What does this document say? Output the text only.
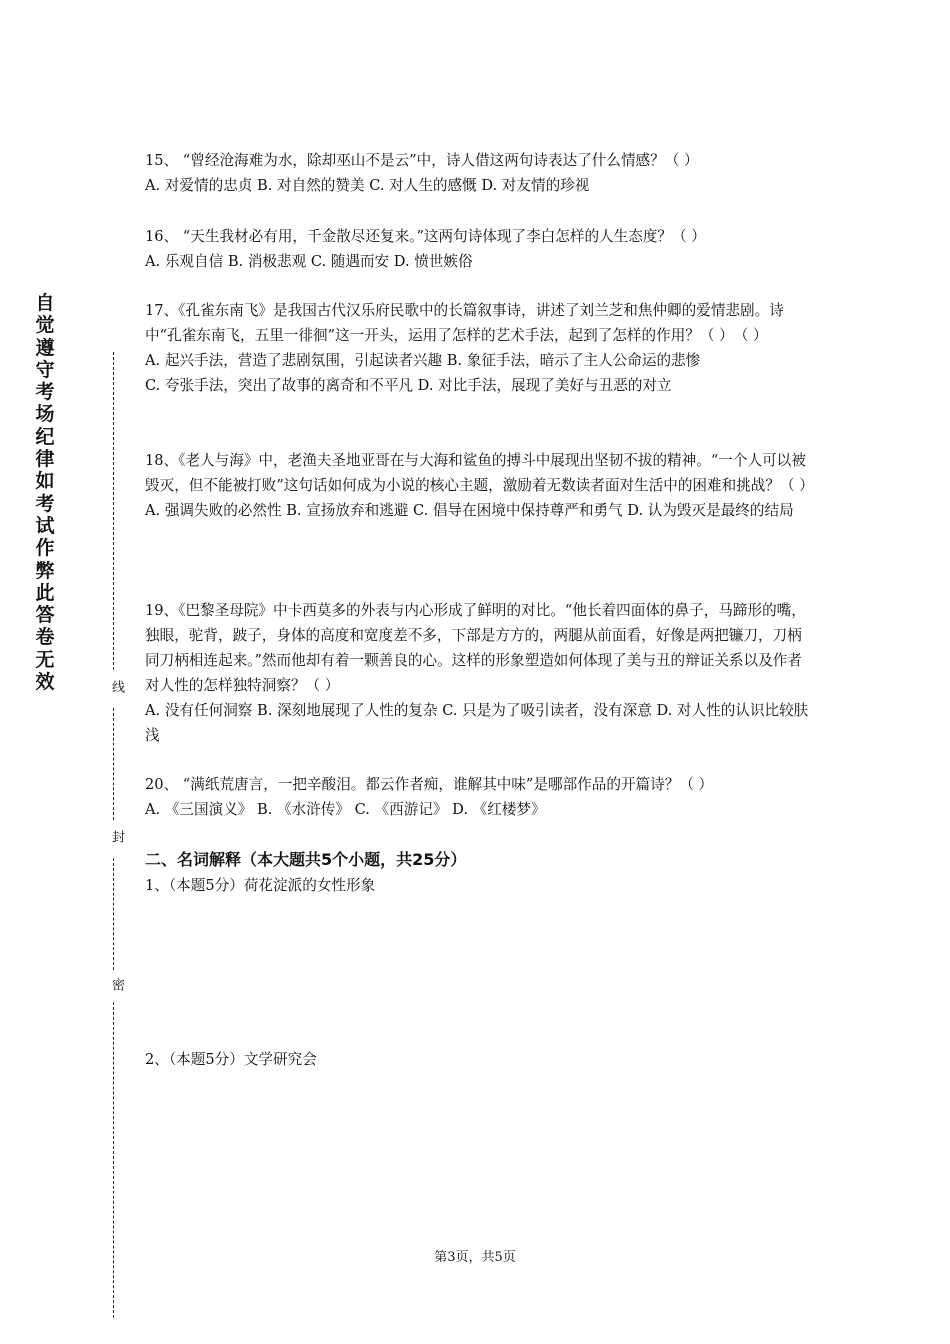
自觉遵守考场纪律如考试作弊此答卷无效	线
封
密

15、 “曾经沧海难为水，除却巫山不是云”中，诗人借这两句诗表达了什么情感？（ ）

A. 对爱情的忠贞 B. 对自然的赞美 C. 对人生的感慨 D. 对友情的珍视

16、 “天生我材必有用，千金散尽还复来。”这两句诗体现了李白怎样的人生态度？（ ）

A. 乐观自信 B. 消极悲观 C. 随遇而安 D. 愤世嫉俗

17、《孔雀东南飞》是我国古代汉乐府民歌中的长篇叙事诗，讲述了刘兰芝和焦仲卿的爱情悲剧。诗中“孔雀东南飞，五里一徘徊”这一开头，运用了怎样的艺术手法，起到了怎样的作用？（ ）　（ ）

A. 起兴手法，营造了悲剧氛围，引起读者兴趣 B. 象征手法，暗示了主人公命运的悲惨

C. 夸张手法，突出了故事的离奇和不平凡 D. 对比手法，展现了美好与丑恶的对立

18、《老人与海》中，老渔夫圣地亚哥在与大海和鲨鱼的搏斗中展现出坚韧不拔的精神。“一个人可以被毁灭，但不能被打败”这句话如何成为小说的核心主题，激励着无数读者面对生活中的困难和挑战？（ ）

A. 强调失败的必然性 B. 宣扬放弃和逃避 C. 倡导在困境中保持尊严和勇气 D. 认为毁灭是最终的结局

19、《巴黎圣母院》中卡西莫多的外表与内心形成了鲜明的对比。“他长着四面体的鼻子，马蹄形的嘴，独眼，驼背，跛子，身体的高度和宽度差不多，下部是方方的，两腿从前面看，好像是两把镰刀，刀柄同刀柄相连起来。”然而他却有着一颗善良的心。这样的形象塑造如何体现了美与丑的辩证关系以及作者对人性的怎样独特洞察？（ ）

A. 没有任何洞察 B. 深刻地展现了人性的复杂 C. 只是为了吸引读者，没有深意 D. 对人性的认识比较肤浅

20、 “满纸荒唐言，一把辛酸泪。都云作者痴，谁解其中味”是哪部作品的开篇诗？（ ）

A. 《三国演义》 B. 《水浒传》 C. 《西游记》 D. 《红楼梦》

二、名词解释（本大题共5个小题，共25分）
1、（本题5分）荷花淀派的女性形象
2、（本题5分）文学研究会
第3页，共5页
